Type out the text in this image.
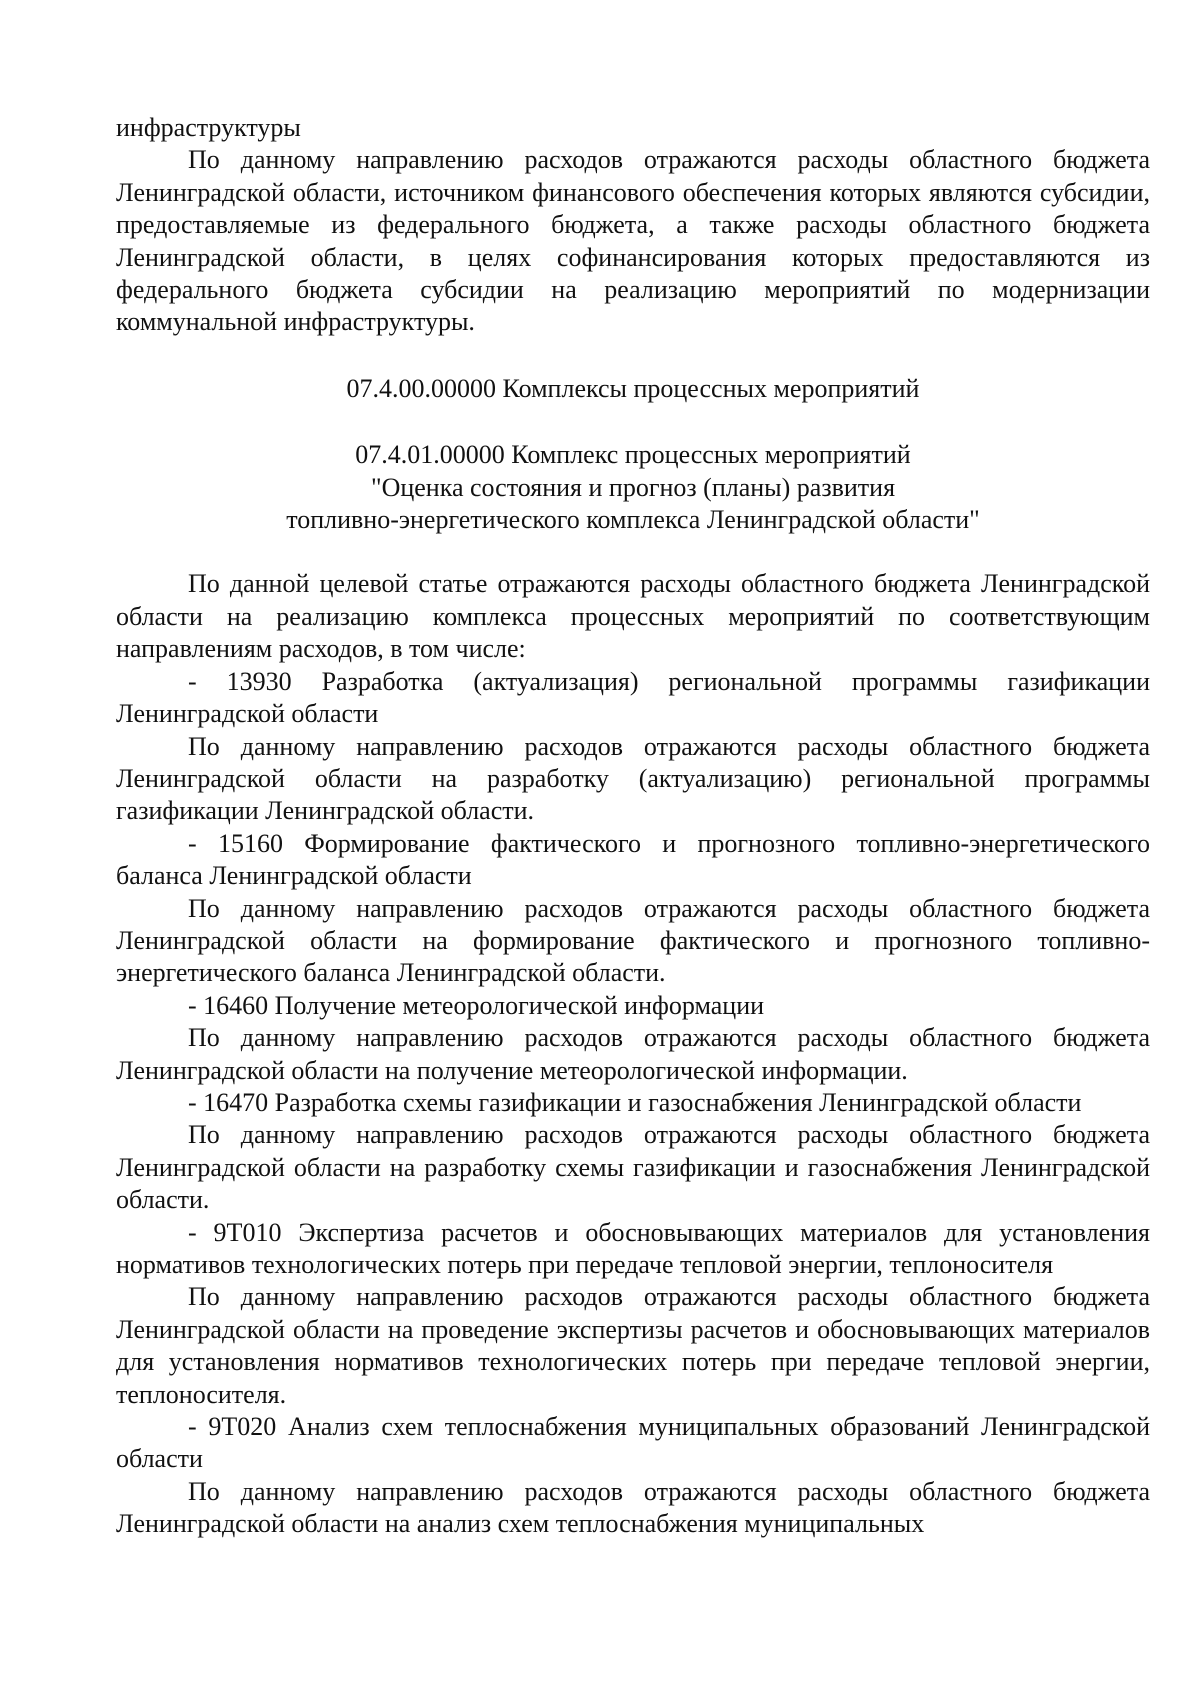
инфраструктуры

По данному направлению расходов отражаются расходы областного бюджета Ленинградской области, источником финансового обеспечения которых являются субсидии, предоставляемые из федерального бюджета, а также расходы областного бюджета Ленинградской области, в целях софинансирования которых предоставляются из федерального бюджета субсидии на реализацию мероприятий по модернизации коммунальной инфраструктуры.

07.4.00.00000 Комплексы процессных мероприятий
07.4.01.00000 Комплекс процессных мероприятий
"Оценка состояния и прогноз (планы) развития
топливно-энергетического комплекса Ленинградской области"

По данной целевой статье отражаются расходы областного бюджета Ленинградской области на реализацию комплекса процессных мероприятий по соответствующим направлениям расходов, в том числе:

- 13930 Разработка (актуализация) региональной программы газификации Ленинградской области

По данному направлению расходов отражаются расходы областного бюджета Ленинградской области на разработку (актуализацию) региональной программы газификации Ленинградской области.

- 15160 Формирование фактического и прогнозного топливно-энергетического баланса Ленинградской области

По данному направлению расходов отражаются расходы областного бюджета Ленинградской области на формирование фактического и прогнозного топливно-энергетического баланса Ленинградской области.

- 16460 Получение метеорологической информации

По данному направлению расходов отражаются расходы областного бюджета Ленинградской области на получение метеорологической информации.

- 16470 Разработка схемы газификации и газоснабжения Ленинградской области

По данному направлению расходов отражаются расходы областного бюджета Ленинградской области на разработку схемы газификации и газоснабжения Ленинградской области.

- 9Т010 Экспертиза расчетов и обосновывающих материалов для установления нормативов технологических потерь при передаче тепловой энергии, теплоносителя

По данному направлению расходов отражаются расходы областного бюджета Ленинградской области на проведение экспертизы расчетов и обосновывающих материалов для установления нормативов технологических потерь при передаче тепловой энергии, теплоносителя.

- 9Т020 Анализ схем теплоснабжения муниципальных образований Ленинградской области

По данному направлению расходов отражаются расходы областного бюджета Ленинградской области на анализ схем теплоснабжения муниципальных
